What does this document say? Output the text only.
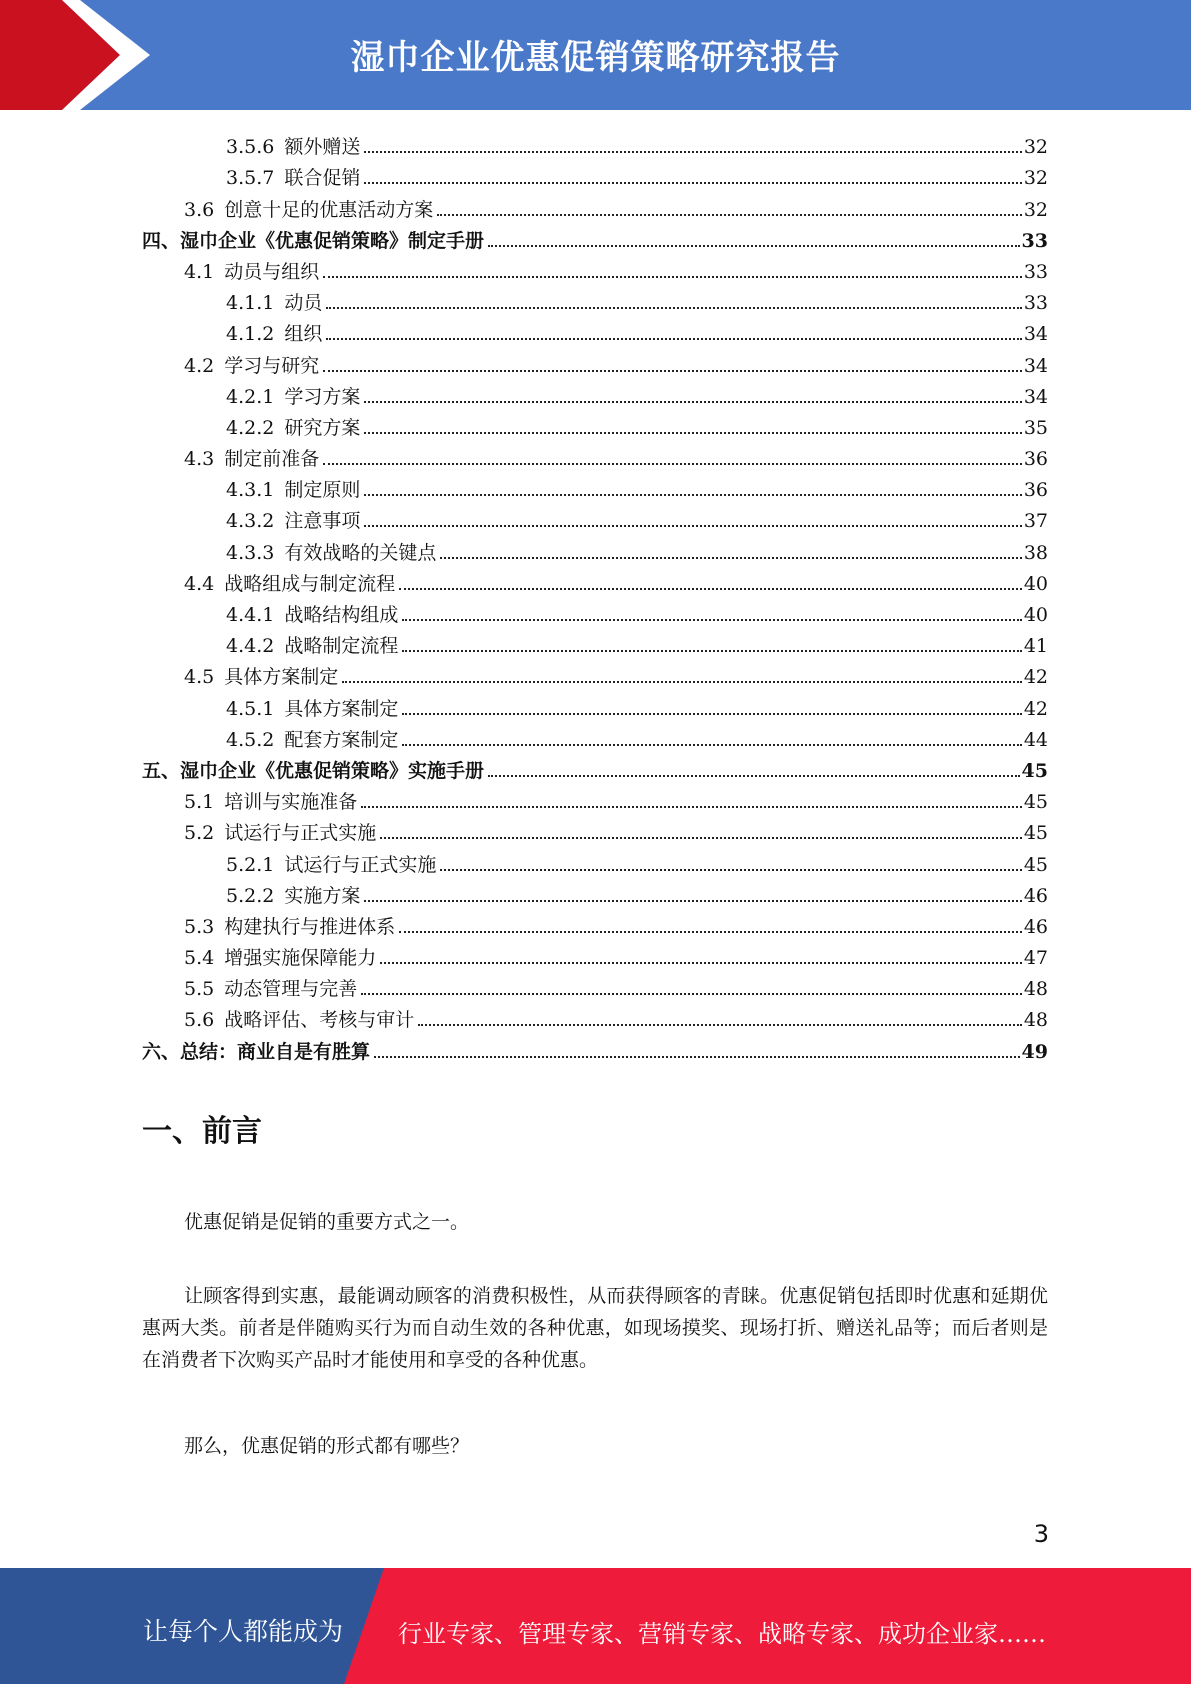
湿巾企业优惠促销策略研究报告
3.5.6 额外赠送	32
3.5.7 联合促销	32
3.6 创意十足的优惠活动方案	32
四、湿巾企业《优惠促销策略》制定手册	33
4.1 动员与组织	33
4.1.1 动员	33
4.1.2 组织	34
4.2 学习与研究	34
4.2.1 学习方案	34
4.2.2 研究方案	35
4.3 制定前准备	36
4.3.1 制定原则	36
4.3.2 注意事项	37
4.3.3 有效战略的关键点	38
4.4 战略组成与制定流程	40
4.4.1 战略结构组成	40
4.4.2 战略制定流程	41
4.5 具体方案制定	42
4.5.1 具体方案制定	42
4.5.2 配套方案制定	44
五、湿巾企业《优惠促销策略》实施手册	45
5.1 培训与实施准备	45
5.2 试运行与正式实施	45
5.2.1 试运行与正式实施	45
5.2.2 实施方案	46
5.3 构建执行与推进体系	46
5.4 增强实施保障能力	47
5.5 动态管理与完善	48
5.6 战略评估、考核与审计	48
六、总结：商业自是有胜算	49
一、前言
优惠促销是促销的重要方式之一。
让顾客得到实惠，最能调动顾客的消费积极性，从而获得顾客的青睐。优惠促销包括即时优惠和延期优惠两大类。前者是伴随购买行为而自动生效的各种优惠，如现场摸奖、现场打折、赠送礼品等；而后者则是在消费者下次购买产品时才能使用和享受的各种优惠。
那么，优惠促销的形式都有哪些？
3
让每个人都能成为 行业专家、管理专家、营销专家、战略专家、成功企业家……
